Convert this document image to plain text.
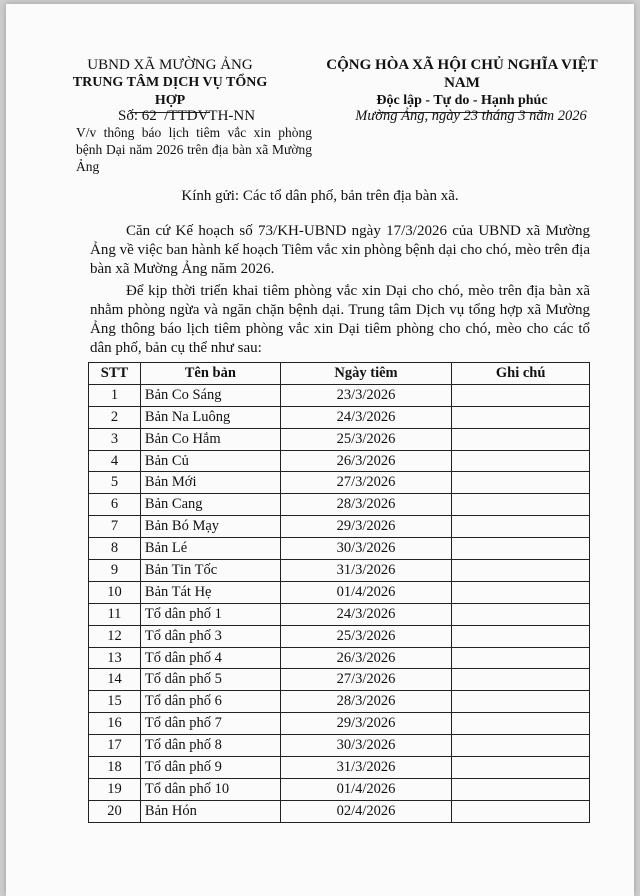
UBND XÃ MƯỜNG ẢNG
TRUNG TÂM DỊCH VỤ TỔNG HỢP
CỘNG HÒA XÃ HỘI CHỦ NGHĨA VIỆT NAM
Độc lập - Tự do - Hạnh phúc
Số: 62  /TTDVTH-NN
V/v thông báo lịch tiêm vắc xin phòng bệnh Dại năm 2026 trên địa bàn xã Mường Ảng
Mường Ảng, ngày 23 tháng 3 năm 2026
Kính gửi: Các tổ dân phố, bản trên địa bàn xã.
Căn cứ Kế hoạch số 73/KH-UBND ngày 17/3/2026 của UBND xã Mường Ảng về việc ban hành kế hoạch Tiêm vắc xin phòng bệnh dại cho chó, mèo trên địa bàn xã Mường Ảng năm 2026.
Để kịp thời triển khai tiêm phòng vắc xin Dại cho chó, mèo trên địa bàn xã nhằm phòng ngừa và ngăn chặn bệnh dại. Trung tâm Dịch vụ tổng hợp xã Mường Ảng thông báo lịch tiêm phòng vắc xin Dại tiêm phòng cho chó, mèo cho các tổ dân phố, bản cụ thể như sau:
STT	Tên bản	Ngày tiêm	Ghi chú
1	Bản Co Sáng	23/3/2026	
2	Bản Na Luông	24/3/2026	
3	Bản Co Hắm	25/3/2026	
4	Bản Củ	26/3/2026	
5	Bản Mới	27/3/2026	
6	Bản Cang	28/3/2026	
7	Bản Bó Mạy	29/3/2026	
8	Bản Lé	30/3/2026	
9	Bản Tin Tốc	31/3/2026	
10	Bản Tát Hẹ	01/4/2026	
11	Tổ dân phố 1	24/3/2026	
12	Tổ dân phố 3	25/3/2026	
13	Tổ dân phố 4	26/3/2026	
14	Tổ dân phố 5	27/3/2026	
15	Tổ dân phố 6	28/3/2026	
16	Tổ dân phố 7	29/3/2026	
17	Tổ dân phố 8	30/3/2026	
18	Tổ dân phố 9	31/3/2026	
19	Tổ dân phố 10	01/4/2026	
20	Bản Hón	02/4/2026	
